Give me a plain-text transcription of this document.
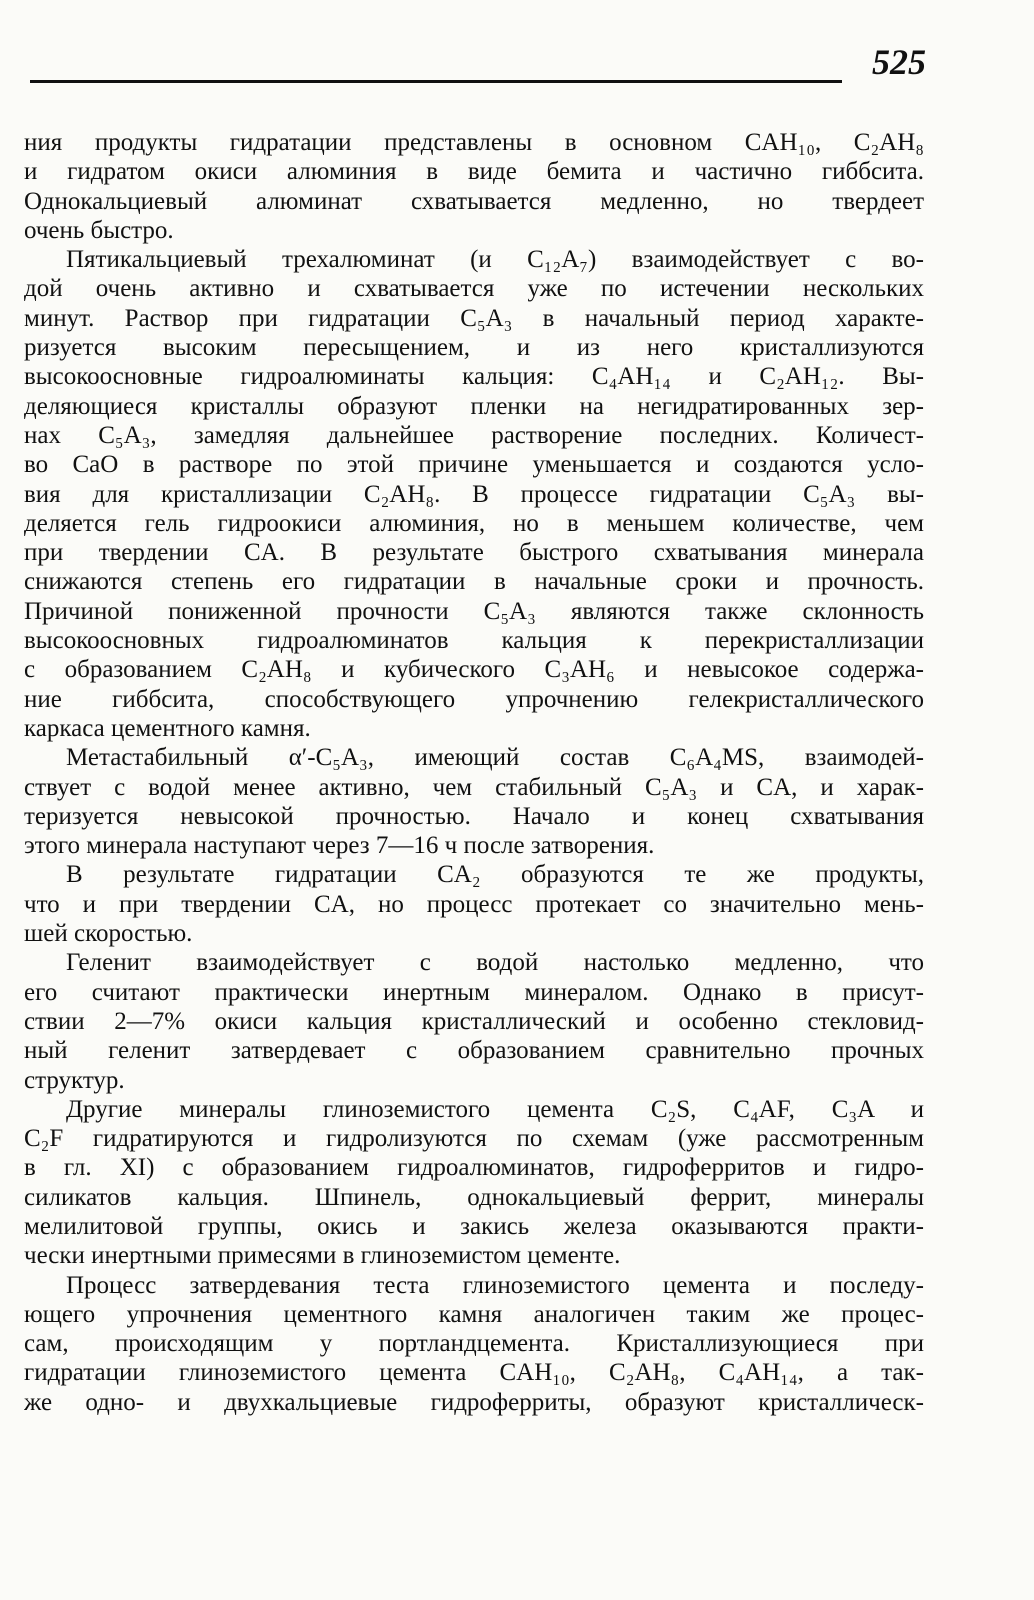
525
ния продукты гидратации представлены в основном CAH₁₀, C₂AH₈
и гидратом окиси алюминия в виде бемита и частично гиббсита.
Однокальциевый алюминат схватывается медленно, но твердеет
очень быстро.
Пятикальциевый трехалюминат (и C₁₂A₇) взаимодействует с во-
дой очень активно и схватывается уже по истечении нескольких
минут. Раствор при гидратации C₅A₃ в начальный период характе-
ризуется высоким пересыщением, и из него кристаллизуются
высокоосновные гидроалюминаты кальция: C₄AH₁₄ и C₂AH₁₂. Вы-
деляющиеся кристаллы образуют пленки на негидратированных зер-
нах C₅A₃, замедляя дальнейшее растворение последних. Количест-
во CaO в растворе по этой причине уменьшается и создаются усло-
вия для кристаллизации C₂AH₈. В процессе гидратации C₅A₃ вы-
деляется гель гидроокиси алюминия, но в меньшем количестве, чем
при твердении CA. В результате быстрого схватывания минерала
снижаются степень его гидратации в начальные сроки и прочность.
Причиной пониженной прочности C₅A₃ являются также склонность
высокоосновных гидроалюминатов кальция к перекристаллизации
с образованием C₂AH₈ и кубического C₃AH₆ и невысокое содержа-
ние гиббсита, способствующего упрочнению гелекристаллического
каркаса цементного камня.
Метастабильный α′-C₅A₃, имеющий состав C₆A₄MS, взаимодей-
ствует с водой менее активно, чем стабильный C₅A₃ и CA, и харак-
теризуется невысокой прочностью. Начало и конец схватывания
этого минерала наступают через 7—16 ч после затворения.
В результате гидратации CA₂ образуются те же продукты,
что и при твердении CA, но процесс протекает со значительно мень-
шей скоростью.
Геленит взаимодействует с водой настолько медленно, что
его считают практически инертным минералом. Однако в присут-
ствии 2—7% окиси кальция кристаллический и особенно стекловид-
ный геленит затвердевает с образованием сравнительно прочных
структур.
Другие минералы глиноземистого цемента C₂S, C₄AF, C₃A и
C₂F гидратируются и гидролизуются по схемам (уже рассмотренным
в гл. XI) с образованием гидроалюминатов, гидроферритов и гидро-
силикатов кальция. Шпинель, однокальциевый феррит, минералы
мелилитовой группы, окись и закись железа оказываются практи-
чески инертными примесями в глиноземистом цементе.
Процесс затвердевания теста глиноземистого цемента и последу-
ющего упрочнения цементного камня аналогичен таким же процес-
сам, происходящим у портландцемента. Кристаллизующиеся при
гидратации глиноземистого цемента CAH₁₀, C₂AH₈, C₄AH₁₄, а так-
же одно- и двухкальциевые гидроферриты, образуют кристаллическ-
